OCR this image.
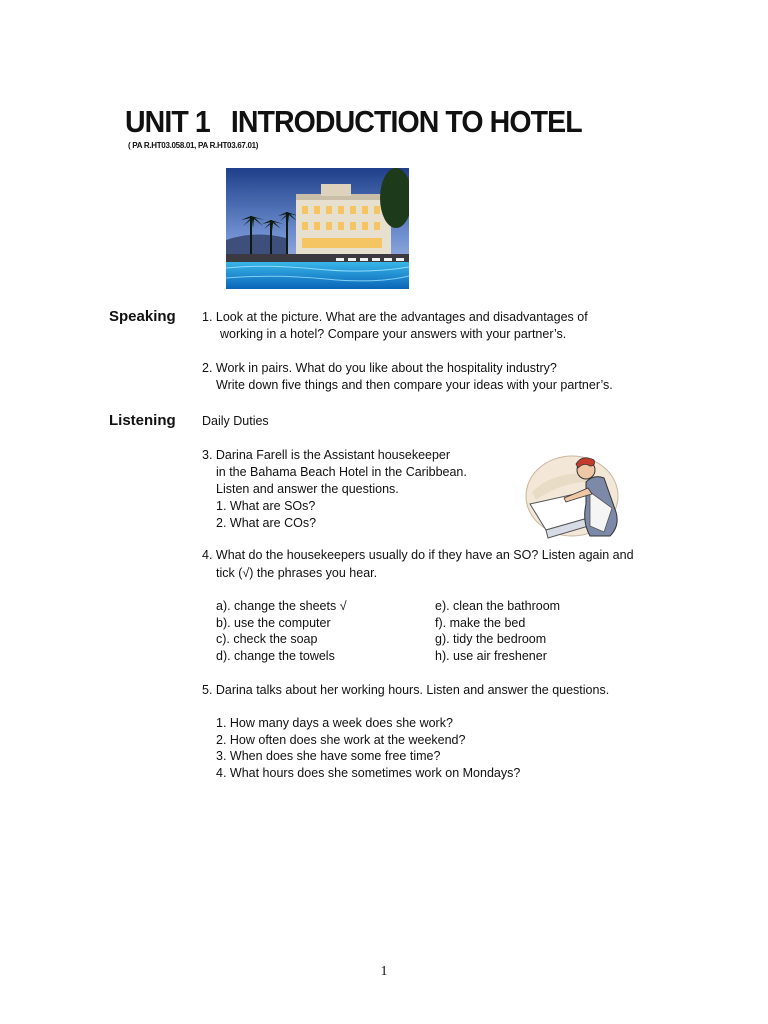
UNIT 1   INTRODUCTION TO HOTEL
( PA R.HT03.058.01, PA R.HT03.67.01)
Speaking 1. Look at the picture. What are the advantages and disadvantages of
working in a hotel? Compare your answers with your partner’s.
2. Work in pairs. What do you like about the hospitality industry?
Write down five things and then compare your ideas with your partner’s.
Listening Daily Duties
3. Darina Farell is the Assistant housekeeper
in the Bahama Beach Hotel in the Caribbean.
Listen and answer the questions.
1. What are SOs?
2. What are COs?
4. What do the housekeepers usually do if they have an SO? Listen again and
tick (√) the phrases you hear.
a). change the sheets √
b). use the computer
c). check the soap
d). change the towels
e). clean the bathroom
f). make the bed
g). tidy the bedroom
h). use air freshener
5. Darina talks about her working hours. Listen and answer the questions.
1. How many days a week does she work?
2. How often does she work at the weekend?
3. When does she have some free time?
4. What hours does she sometimes work on Mondays?
1
